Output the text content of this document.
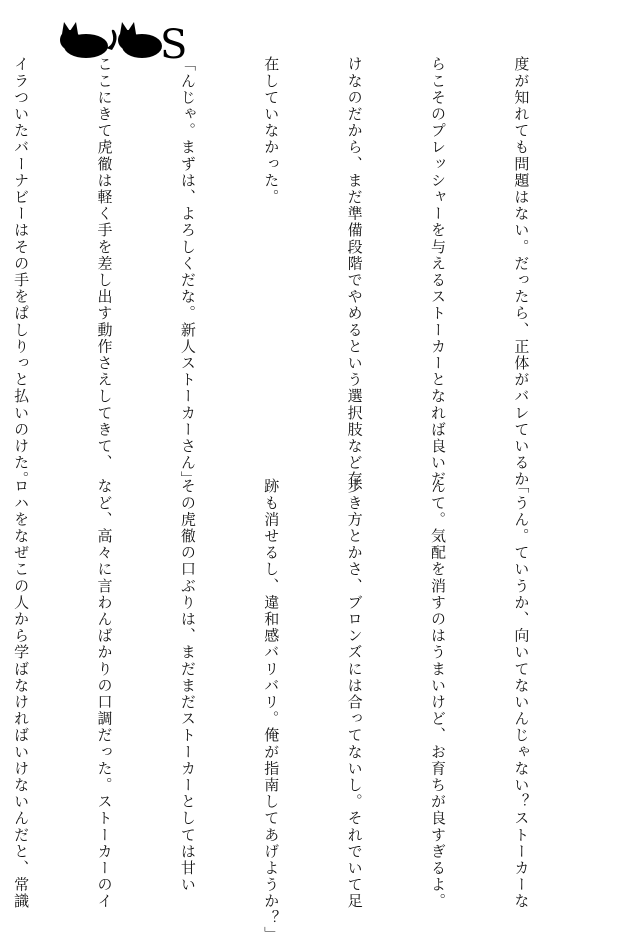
S

度が知れても問題はない。だったら、正体がバレているか

らこそのプレッシャーを与えるストーカーとなれば良いだ

けなのだから、まだ準備段階でやめるという選択肢など存

在していなかった。

「んじゃ。まずは、よろしくだな。新人ストーカーさん」

ここにきて虎徹は軽く手を差し出す動作さえしてきて、

イラついたバーナビーはその手をぱしりっと払いのけた。

「うん。ていうか、向いてないんじゃない？ストーカーな

んて。気配を消すのはうまいけど、お育ちが良すぎるよ。

歩き方とかさ、ブロンズには合ってないし。それでいて足

跡も消せるし、違和感バリバリ。俺が指南してあげようか？」

その虎徹の口ぶりは、まだまだストーカーとしては甘い

など、高々に言わんばかりの口調だった。ストーカーのイ

ロハをなぜこの人から学ばなければいけないんだと、常識
